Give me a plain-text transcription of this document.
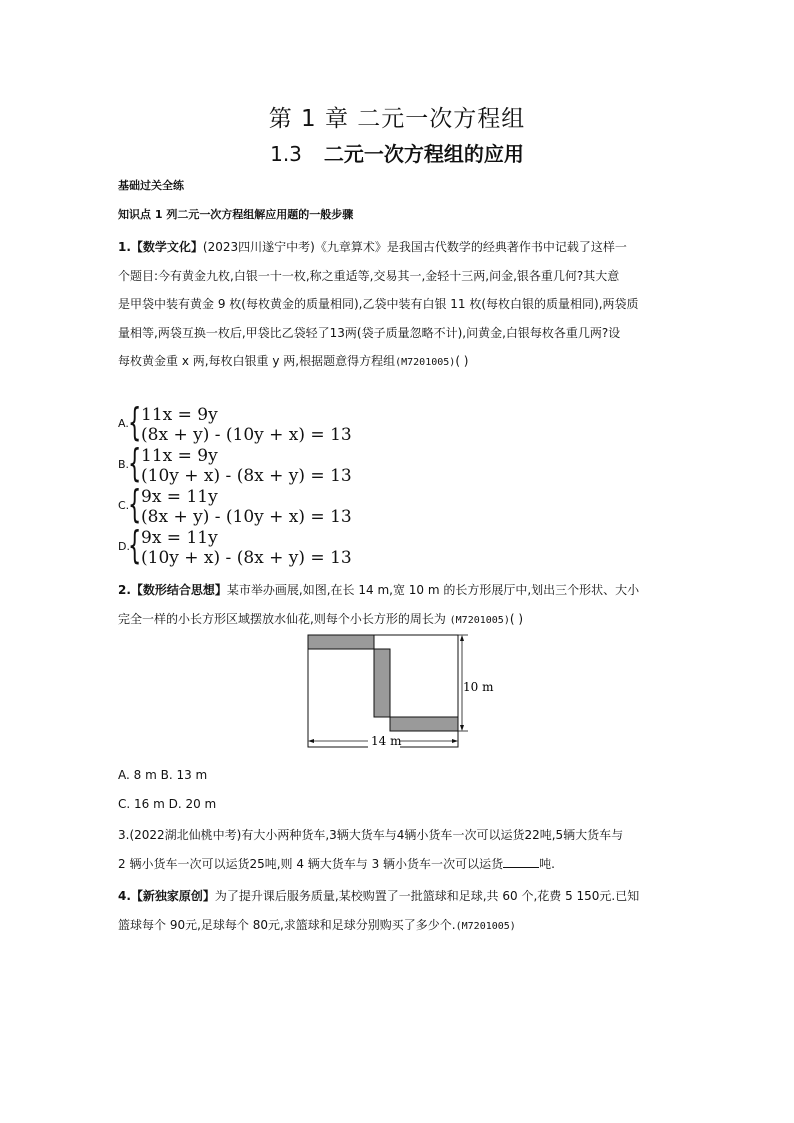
第 1 章 二元一次方程组
1.3 二元一次方程组的应用
基础过关全练
知识点 1 列二元一次方程组解应用题的一般步骤
1.【数学文化】(2023四川遂宁中考)《九章算术》是我国古代数学的经典著作书中记载了这样一
个题目:今有黄金九枚,白银一十一枚,称之重适等,交易其一,金轻十三两,问金,银各重几何?其大意
是甲袋中装有黄金 9 枚(每枚黄金的质量相同),乙袋中装有白银 11 枚(每枚白银的质量相同),两袋质
量相等,两袋互换一枚后,甲袋比乙袋轻了13两(袋子质量忽略不计),问黄金,白银每枚各重几两?设
每枚黄金重 x 两,每枚白银重 y 两,根据题意得方程组(M7201005)( )
A. { 11x = 9y
(8x + y) - (10y + x) = 13
B.
{ 11x = 9y
(10y + x) - (8x + y) = 13
C.
{ 9x = 11y
(8x + y) - (10y + x) = 13
D.
{ 9x = 11y
(10y + x) - (8x + y) = 13
2.【数形结合思想】某市举办画展,如图,在长 14 m,宽 10 m 的长方形展厅中,划出三个形状、大小
完全一样的小长方形区域摆放水仙花,则每个小长方形的周长为 (M7201005)( )
10 m
14 m
A. 8 m B. 13 m
C. 16 m D. 20 m
3.(2022湖北仙桃中考)有大小两种货车,3辆大货车与4辆小货车一次可以运货22吨,5辆大货车与
2 辆小货车一次可以运货25吨,则 4 辆大货车与 3 辆小货车一次可以运货	吨.
4.【新独家原创】为了提升课后服务质量,某校购置了一批篮球和足球,共 60 个,花费 5 150元.已知
篮球每个 90元,足球每个 80元,求篮球和足球分别购买了多少个.(M7201005)
